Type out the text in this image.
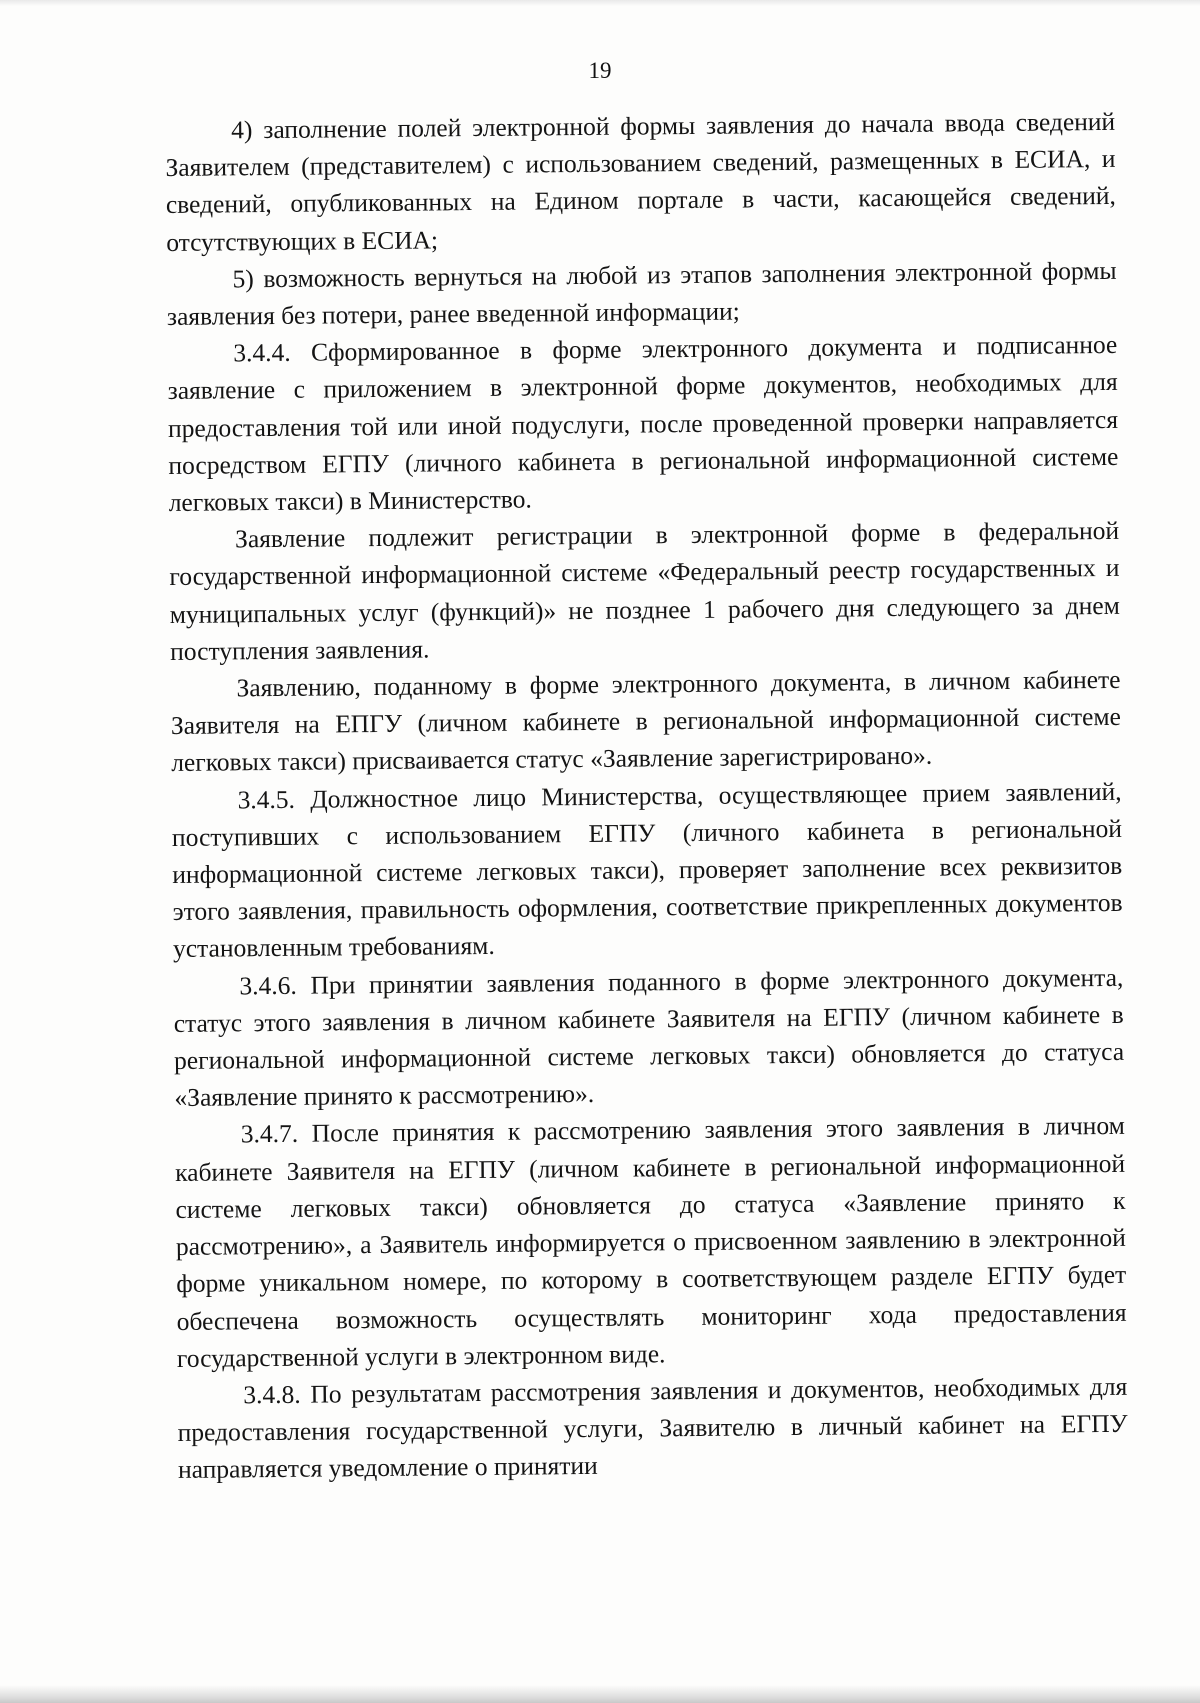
19

4) заполнение полей электронной формы заявления до начала ввода сведений Заявителем (представителем) с использованием сведений, размещенных в ЕСИА, и сведений, опубликованных на Едином портале в части, касающейся сведений, отсутствующих в ЕСИА;

5) возможность вернуться на любой из этапов заполнения электронной формы заявления без потери, ранее введенной информации;

3.4.4. Сформированное в форме электронного документа и подписанное заявление с приложением в электронной форме документов, необходимых для предоставления той или иной подуслуги, после проведенной проверки направляется посредством ЕГПУ (личного кабинета в региональной информационной системе легковых такси) в Министерство.

Заявление подлежит регистрации в электронной форме в федеральной государственной информационной системе «Федеральный реестр государственных и муниципальных услуг (функций)» не позднее 1 рабочего дня следующего за днем поступления заявления.

Заявлению, поданному в форме электронного документа, в личном кабинете Заявителя на ЕПГУ (личном кабинете в региональной информационной системе легковых такси) присваивается статус «Заявление зарегистрировано».

3.4.5. Должностное лицо Министерства, осуществляющее прием заявлений, поступивших с использованием ЕГПУ (личного кабинета в региональной информационной системе легковых такси), проверяет заполнение всех реквизитов этого заявления, правильность оформления, соответствие прикрепленных документов установленным требованиям.

3.4.6. При принятии заявления поданного в форме электронного документа, статус этого заявления в личном кабинете Заявителя на ЕГПУ (личном кабинете в региональной информационной системе легковых такси) обновляется до статуса «Заявление принято к рассмотрению».

3.4.7. После принятия к рассмотрению заявления этого заявления в личном кабинете Заявителя на ЕГПУ (личном кабинете в региональной информационной системе легковых такси) обновляется до статуса «Заявление принято к рассмотрению», а Заявитель информируется о присвоенном заявлению в электронной форме уникальном номере, по которому в соответствующем разделе ЕГПУ будет обеспечена возможность осуществлять мониторинг хода предоставления государственной услуги в электронном виде.

3.4.8. По результатам рассмотрения заявления и документов, необходимых для предоставления государственной услуги, Заявителю в личный кабинет на ЕГПУ направляется уведомление о принятии
